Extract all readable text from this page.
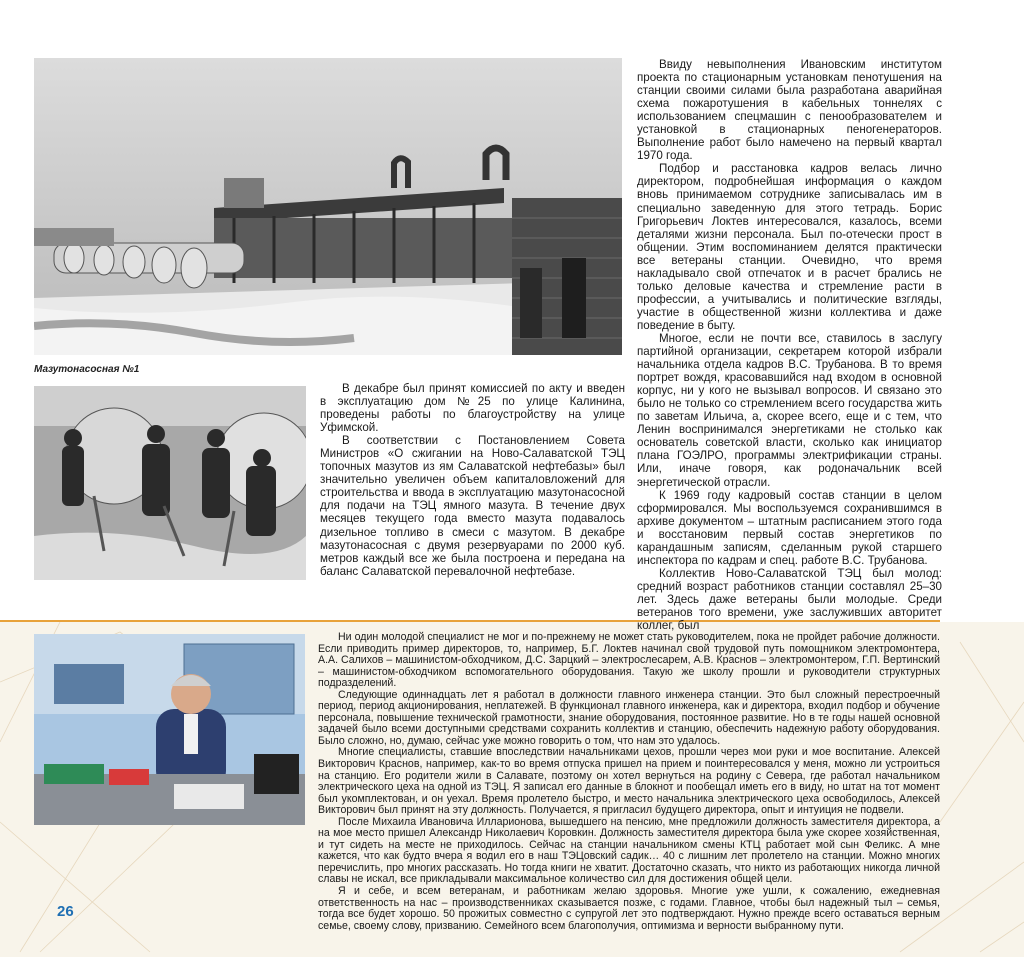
Мазутонасосная №1

В декабре был принят комиссией по акту и введен в эксплуатацию дом №25 по улице Калинина, проведены работы по благоустройству на улице Уфимской.

В соответствии с Постановлением Совета Министров «О сжигании на Ново-Салаватской ТЭЦ топочных мазутов из ям Салаватской нефтебазы» был значительно увеличен объем капиталовложений для строительства и ввода в эксплуатацию мазутонасосной для подачи на ТЭЦ ямного мазута. В течение двух месяцев текущего года вместо мазута подавалось дизельное топливо в смеси с мазутом. В декабре мазутонасосная с двумя резервуарами по 2000 куб. метров каждый все же была построена и передана на баланс Салаватской перевалочной нефтебазе.

Ввиду невыполнения Ивановским институтом проекта по стационарным установкам пенотушения на станции своими силами была разработана аварийная схема пожаротушения в кабельных тоннелях с использованием спецмашин с пенообразователем и установкой в стационарных пеногенераторов. Выполнение работ было намечено на первый квартал 1970 года.

Подбор и расстановка кадров велась лично директором, подробнейшая информация о каждом вновь принимаемом сотруднике записывалась им в специально заведенную для этого тетрадь. Борис Григорьевич Локтев интересовался, казалось, всеми деталями жизни персонала. Был по-отечески прост в общении. Этим воспоминанием делятся практически все ветераны станции. Очевидно, что время накладывало свой отпечаток и в расчет брались не только деловые качества и стремление расти в профессии, а учитывались и политические взгляды, участие в общественной жизни коллектива и даже поведение в быту.

Многое, если не почти все, ставилось в заслугу партийной организации, секретарем которой избрали начальника отдела кадров В.С. Трубанова. В то время портрет вождя, красовавшийся над входом в основной корпус, ни у кого не вызывал вопросов. И связано это было не только со стремлением всего государства жить по заветам Ильича, а, скорее всего, еще и с тем, что Ленин воспринимался энергетиками не столько как основатель советской власти, сколько как инициатор плана ГОЭЛРО, программы электрификации страны. Или, иначе говоря, как родоначальник всей энергетической отрасли.

К 1969 году кадровый состав станции в целом сформировался. Мы воспользуемся сохранившимся в архиве документом – штатным расписанием этого года и восстановим первый состав энергетиков по карандашным записям, сделанным рукой старшего инспектора по кадрам и спец. работе В.С. Трубанова.

Коллектив Ново-Салаватской ТЭЦ был молод: средний возраст работников станции составлял 25–30 лет. Здесь даже ветераны были молодые. Среди ветеранов того времени, уже заслуживших авторитет коллег, был

Ни один молодой специалист не мог и по-прежнему не может стать руководителем, пока не пройдет рабочие должности. Если приводить пример директоров, то, например, Б.Г. Локтев начинал свой трудовой путь помощником электромонтера, А.А. Салихов – машинистом-обходчиком, Д.С. Зарцкий – электрослесарем, А.В. Краснов – электромонтером, Г.П. Вертинский – машинистом-обходчиком вспомогательного оборудования. Такую же школу прошли и руководители структурных подразделений.

Следующие одиннадцать лет я работал в должности главного инженера станции. Это был сложный перестроечный период, период акционирования, неплатежей. В функционал главного инженера, как и директора, входил подбор и обучение персонала, повышение технической грамотности, знание оборудования, постоянное развитие. Но в те годы нашей основной задачей было всеми доступными средствами сохранить коллектив и станцию, обеспечить надежную работу оборудования. Было сложно, но, думаю, сейчас уже можно говорить о том, что нам это удалось.

Многие специалисты, ставшие впоследствии начальниками цехов, прошли через мои руки и мое воспитание. Алексей Викторович Краснов, например, как-то во время отпуска пришел на прием и поинтересовался у меня, можно ли устроиться на станцию. Его родители жили в Салавате, поэтому он хотел вернуться на родину с Севера, где работал начальником электрического цеха на одной из ТЭЦ. Я записал его данные в блокнот и пообещал иметь его в виду, но штат на тот момент был укомплектован, и он уехал. Время пролетело быстро, и место начальника электрического цеха освободилось, Алексей Викторович был принят на эту должность. Получается, я пригласил будущего директора, опыт и интуиция не подвели.

После Михаила Ивановича Илларионова, вышедшего на пенсию, мне предложили должность заместителя директора, а на мое место пришел Александр Николаевич Коровкин. Должность заместителя директора была уже скорее хозяйственная, и тут сидеть на месте не приходилось. Сейчас на станции начальником смены КТЦ работает мой сын Феликс. А мне кажется, что как будто вчера я водил его в наш ТЭЦовский садик… 40 с лишним лет пролетело на станции. Можно многих перечислить, про многих рассказать. Но тогда книги не хватит. Достаточно сказать, что никто из работающих никогда личной славы не искал, все прикладывали максимальное количество сил для достижения общей цели.

Я и себе, и всем ветеранам, и работникам желаю здоровья. Многие уже ушли, к сожалению, ежедневная ответственность на нас – производственниках сказывается позже, с годами. Главное, чтобы был надежный тыл – семья, тогда все будет хорошо. 50 прожитых совместно с супругой лет это подтверждают. Нужно прежде всего оставаться верным семье, своему слову, призванию. Семейного всем благополучия, оптимизма и верности выбранному пути.

26
